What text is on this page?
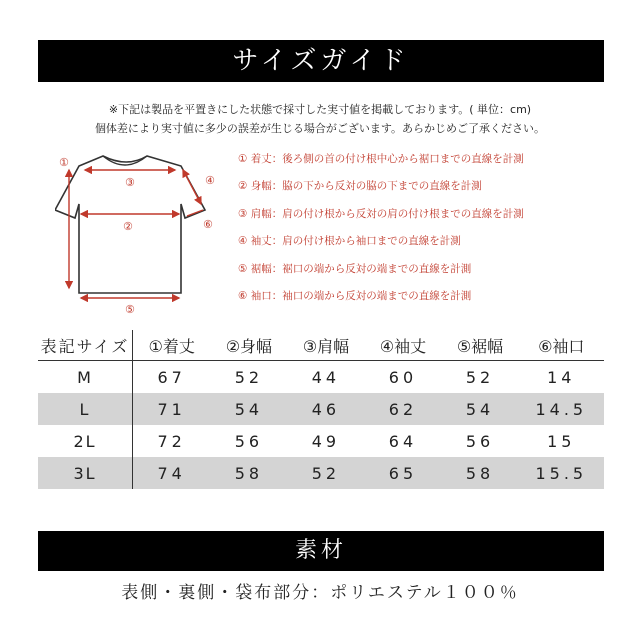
サイズガイド
※下記は製品を平置きにした状態で採寸した実寸値を掲載しております。( 単位：cm)
個体差により実寸値に多少の誤差が生じる場合がございます。あらかじめご了承ください。
①
③	④
②	⑥
⑤
① 着丈：後ろ側の首の付け根中心から裾口までの直線を計測
② 身幅：脇の下から反対の脇の下までの直線を計測
③ 肩幅：肩の付け根から反対の肩の付け根までの直線を計測
④ 袖丈：肩の付け根から袖口までの直線を計測
⑤ 裾幅：裾口の端から反対の端までの直線を計測
⑥ 袖口：袖口の端から反対の端までの直線を計測
表記サイズ	①着丈	②身幅	③肩幅	④袖丈	⑤裾幅	⑥袖口
M	67	52	44	60	52	14
L	71	54	46	62	54	14.5
2L	72	56	49	64	56	15
3L	74	58	52	65	58	15.5
素材
表側・裏側・袋布部分：ポリエステル１００％
